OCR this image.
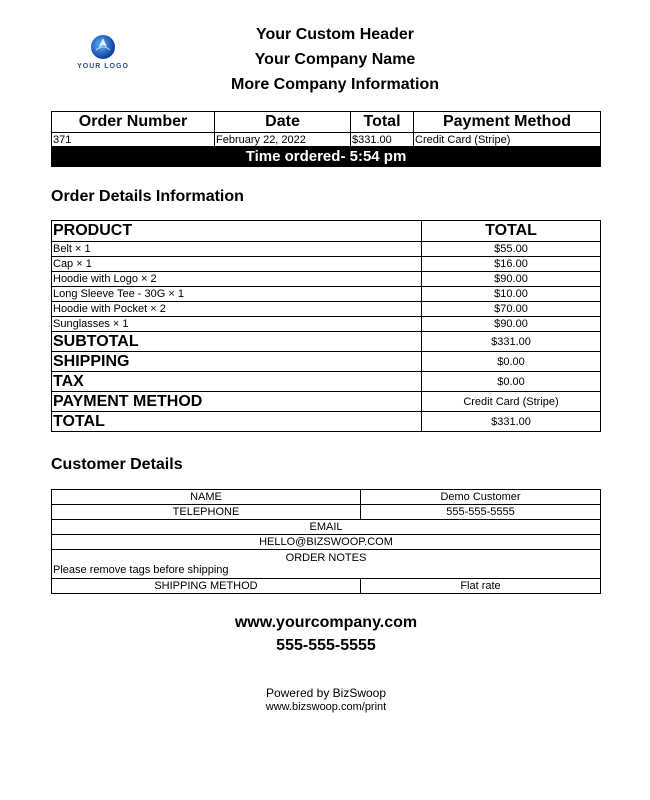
YOUR LOGO
Your Custom Header
Your Company Name
More Company Information
Order Number	Date	Total	Payment Method
371	February 22, 2022	$331.00	Credit Card (Stripe)
Time ordered- 5:54 pm			
Order Details Information
PRODUCT	TOTAL
Belt × 1	$55.00
Cap × 1	$16.00
Hoodie with Logo × 2	$90.00
Long Sleeve Tee - 30G × 1	$10.00
Hoodie with Pocket × 2	$70.00
Sunglasses × 1	$90.00
SUBTOTAL	$331.00
SHIPPING	$0.00
TAX	$0.00
PAYMENT METHOD	Credit Card (Stripe)
TOTAL	$331.00
Customer Details
NAME	Demo Customer
TELEPHONE	555-555-5555
EMAIL	
HELLO@BIZSWOOP.COM	

ORDER NOTES
Please remove tags before shipping	

SHIPPING METHOD	Flat rate
www.yourcompany.com
555-555-5555
Powered by BizSwoop
www.bizswoop.com/print
